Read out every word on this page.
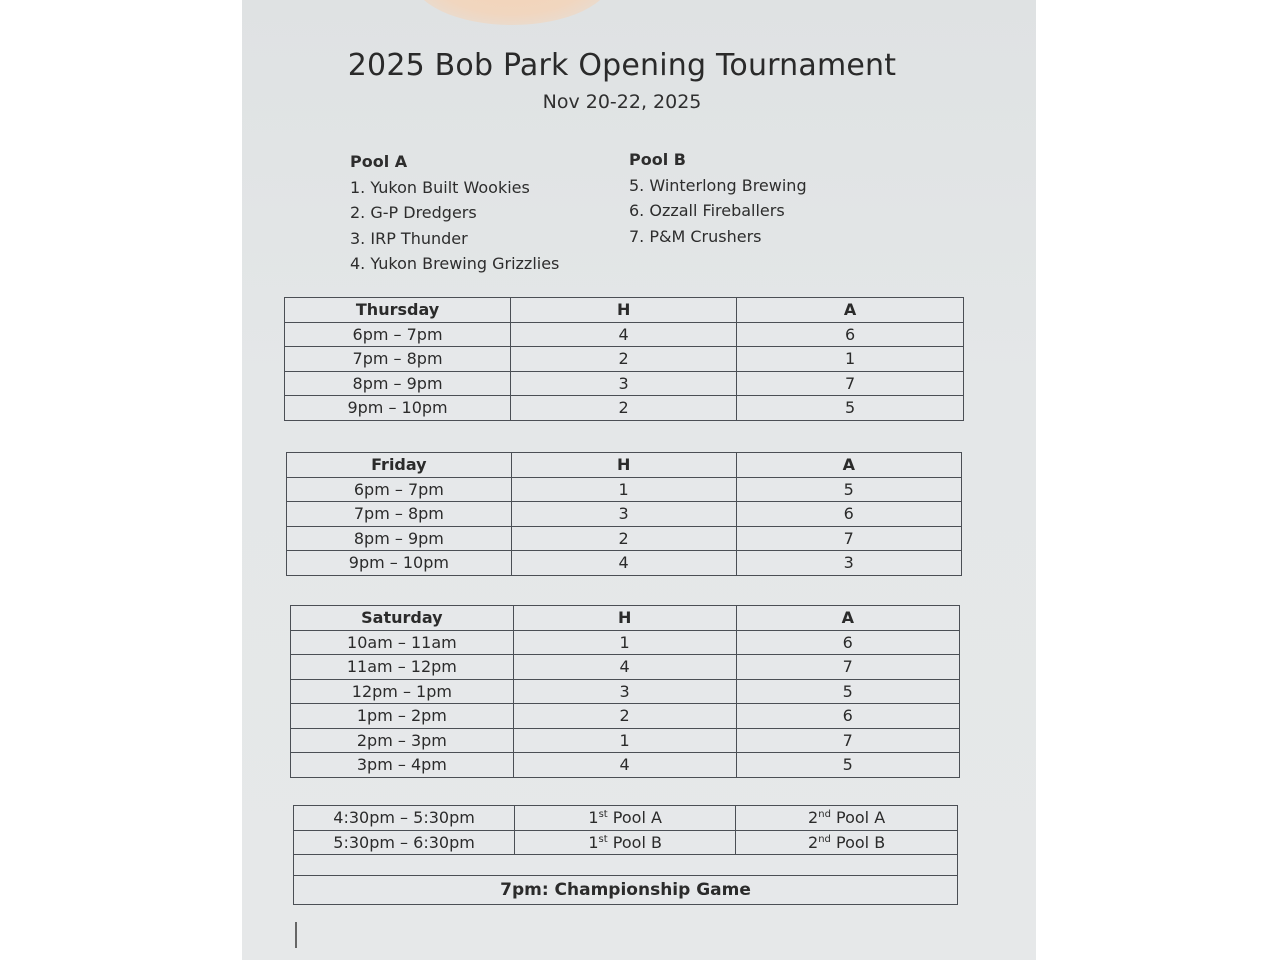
2025 Bob Park Opening Tournament
Nov 20-22, 2025
Pool A
1. Yukon Built Wookies
2. G-P Dredgers
3. IRP Thunder
4. Yukon Brewing Grizzlies
Pool B
5. Winterlong Brewing
6. Ozzall Fireballers
7. P&M Crushers
Thursday	H	A
6pm – 7pm	4	6
7pm – 8pm	2	1
8pm – 9pm	3	7
9pm – 10pm	2	5
Friday	H	A
6pm – 7pm	1	5
7pm – 8pm	3	6
8pm – 9pm	2	7
9pm – 10pm	4	3
Saturday	H	A
10am – 11am	1	6
11am – 12pm	4	7
12pm – 1pm	3	5
1pm – 2pm	2	6
2pm – 3pm	1	7
3pm – 4pm	4	5
4:30pm – 5:30pm	1st Pool A	2nd Pool A
5:30pm – 6:30pm	1st Pool B	2nd Pool B

7pm: Championship Game		
